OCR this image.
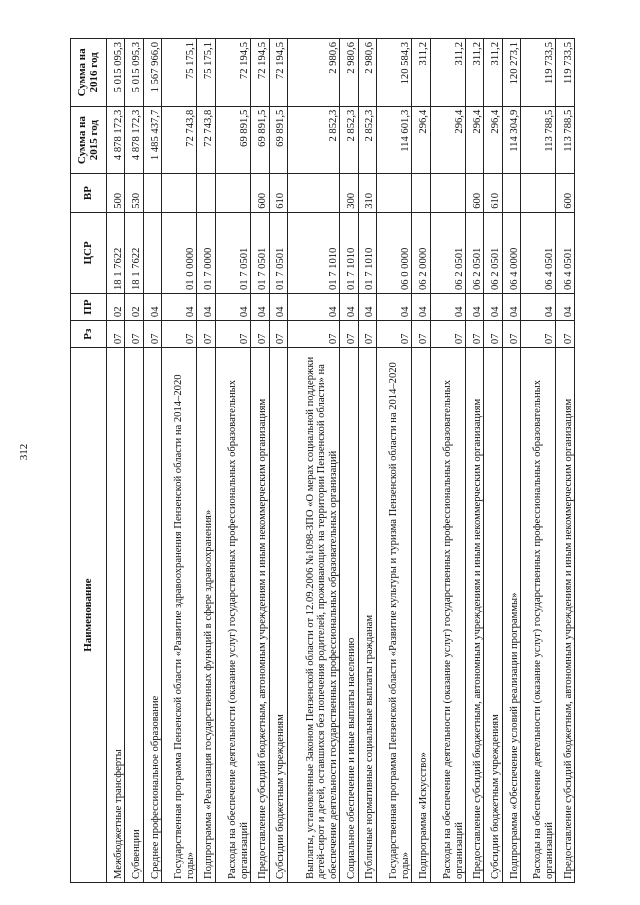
312
Наименование	Рз	ПР	ЦСР	ВР	Сумма на 2015 год	Сумма на 2016 год
Межбюджетные трансферты	07	02	18 1 7622	500	4 878 172,3	5 015 095,3
Субвенции	07	02	18 1 7622	530	4 878 172,3	5 015 095,3
Среднее профессиональное образование	07	04			1 485 437,7	1 567 966,0
Государственная программа Пензенской области «Развитие здравоохранения Пензенской области на 2014–2020 годы»	07	04	01 0 0000		72 743,8	75 175,1
Подпрограмма «Реализация государственных функций в сфере здравоохранения»	07	04	01 7 0000		72 743,8	75 175,1
Расходы на обеспечение деятельности (оказание услуг) государственных профессиональных образовательных организаций	07	04	01 7 0501		69 891,5	72 194,5
Предоставление субсидий бюджетным, автономным учреждениям и иным некоммерческим организациям	07	04	01 7 0501	600	69 891,5	72 194,5
Субсидии бюджетным учреждениям	07	04	01 7 0501	610	69 891,5	72 194,5
Выплаты, установленные Законом Пензенской области от 12.09.2006 №1098-ЗПО «О мерах социальной поддержки детей-сирот и детей, оставшихся без попечения родителей, проживающих на территории Пензенской области» на обеспечение деятельности государственных профессиональных образовательных организаций	07	04	01 7 1010		2 852,3	2 980,6
Социальное обеспечение и иные выплаты населению	07	04	01 7 1010	300	2 852,3	2 980,6
Публичные нормативные социальные выплаты гражданам	07	04	01 7 1010	310	2 852,3	2 980,6
Государственная программа Пензенской области «Развитие культуры и туризма Пензенской области на 2014–2020 годы»	07	04	06 0 0000		114 601,3	120 584,3
Подпрограмма «Искусство»	07	04	06 2 0000		296,4	311,2
Расходы на обеспечение деятельности (оказание услуг) государственных профессиональных образовательных организаций	07	04	06 2 0501		296,4	311,2
Предоставление субсидий бюджетным, автономным учреждениям и иным некоммерческим организациям	07	04	06 2 0501	600	296,4	311,2
Субсидии бюджетным учреждениям	07	04	06 2 0501	610	296,4	311,2
Подпрограмма «Обеспечение условий реализации программы»	07	04	06 4 0000		114 304,9	120 273,1
Расходы на обеспечение деятельности (оказание услуг) государственных профессиональных образовательных организаций	07	04	06 4 0501		113 788,5	119 733,5
Предоставление субсидий бюджетным, автономным учреждениям и иным некоммерческим организациям	07	04	06 4 0501	600	113 788,5	119 733,5
